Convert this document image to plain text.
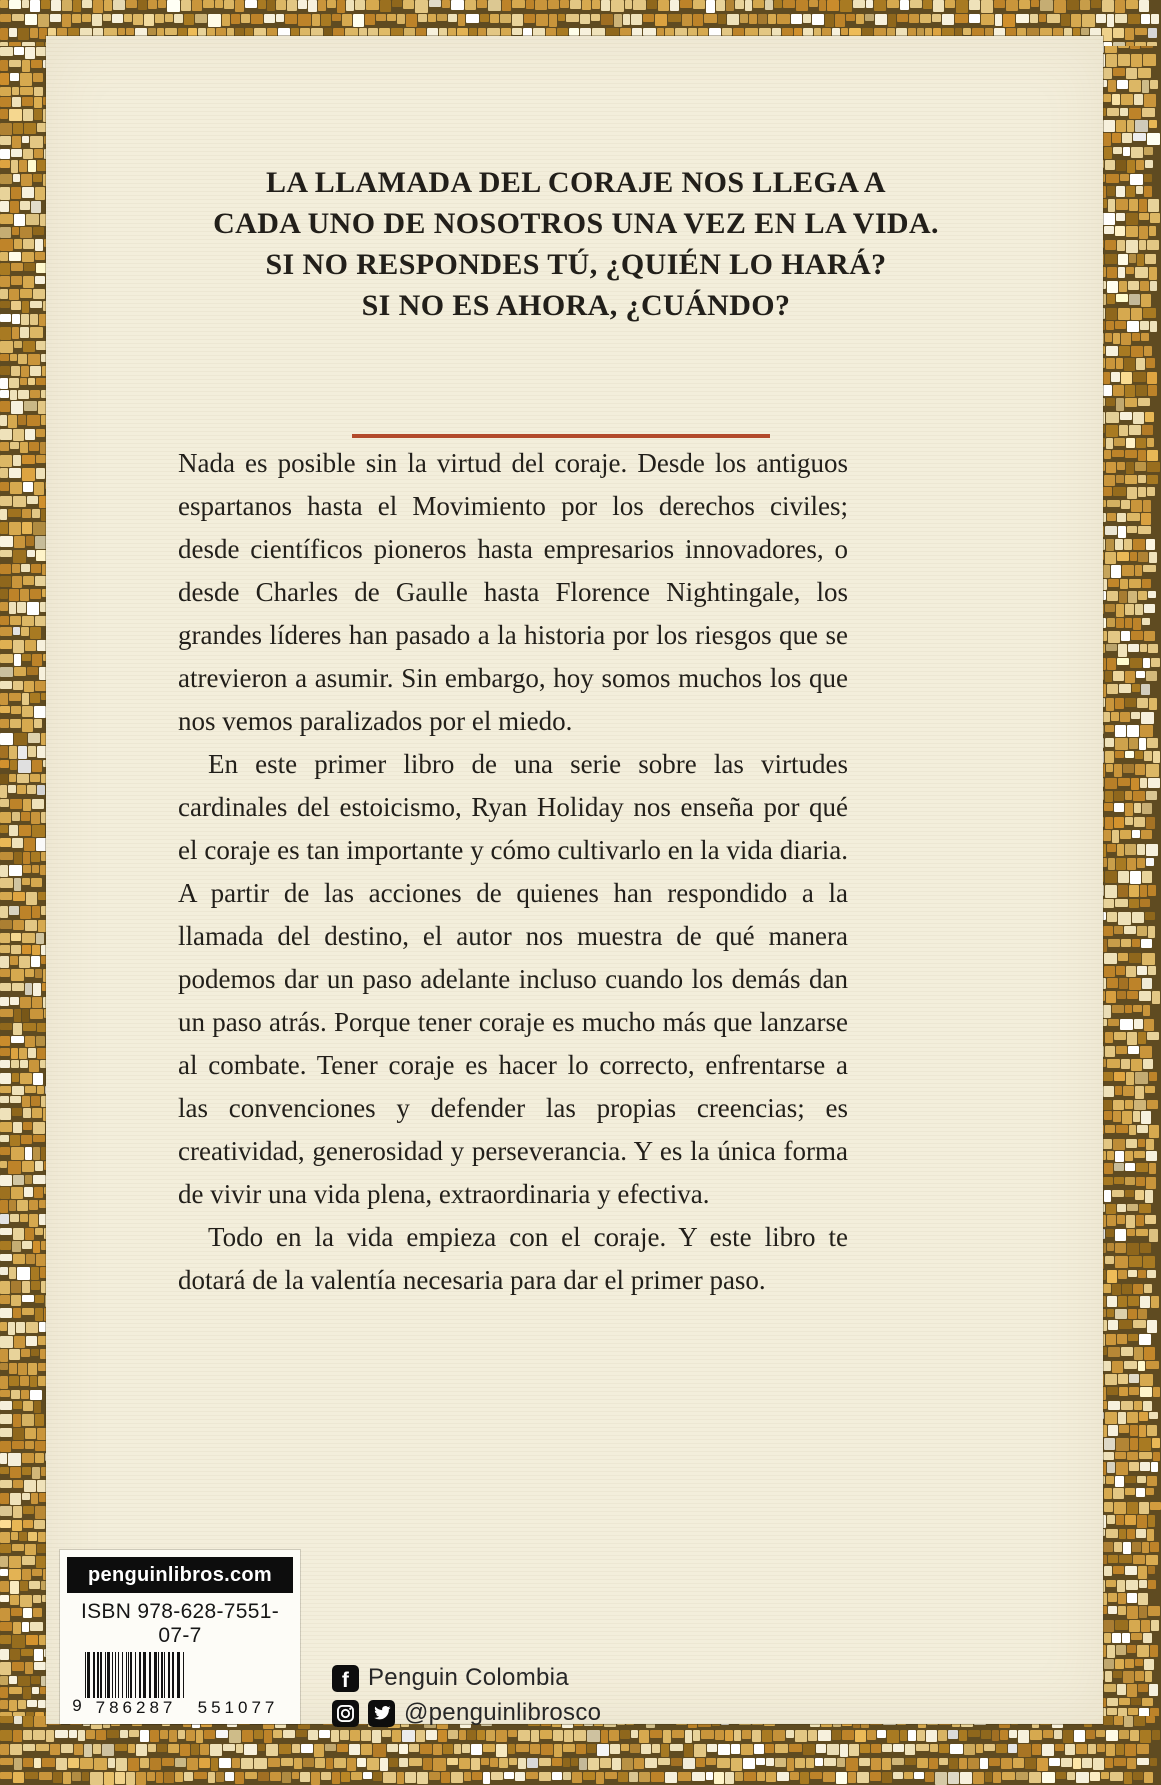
LA LLAMADA DEL CORAJE NOS LLEGA A
CADA UNO DE NOSOTROS UNA VEZ EN LA VIDA.
SI NO RESPONDES TÚ, ¿QUIÉN LO HARÁ?
SI NO ES AHORA, ¿CUÁNDO?

Nada es posible sin la virtud del coraje. Desde los antiguos espartanos hasta el Movimiento por los derechos civiles; desde científicos pioneros hasta empresarios innovadores, o desde Charles de Gaulle hasta Florence Nightingale, los grandes líderes han pasado a la historia por los riesgos que se atrevieron a asumir. Sin embargo, hoy somos muchos los que nos vemos paralizados por el miedo.

En este primer libro de una serie sobre las virtudes cardinales del estoicismo, Ryan Holiday nos enseña por qué el coraje es tan importante y cómo cultivarlo en la vida diaria. A partir de las acciones de quienes han respondido a la llamada del destino, el autor nos muestra de qué manera podemos dar un paso adelante incluso cuando los demás dan un paso atrás. Porque tener coraje es mucho más que lanzarse al combate. Tener coraje es hacer lo correcto, enfrentarse a las convenciones y defender las propias creencias; es creatividad, generosidad y perseverancia. Y es la única forma de vivir una vida plena, extraordinaria y efectiva.

Todo en la vida empieza con el coraje. Y este libro te dotará de la valentía necesaria para dar el primer paso.

penguinlibros.com
ISBN 978-628-7551-07-7
9 786287 551077
f Penguin Colombia
@penguinlibrosco
